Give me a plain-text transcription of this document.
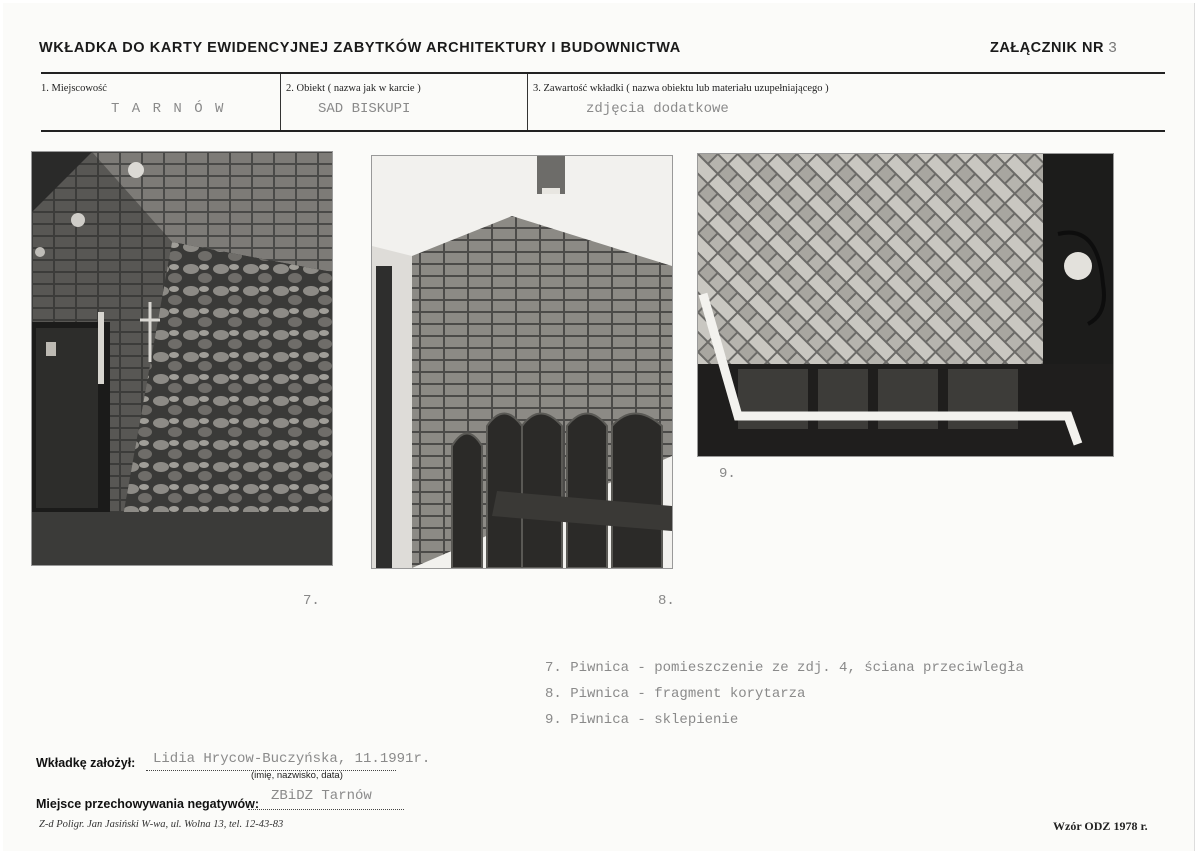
WKŁADKA DO KARTY EWIDENCYJNEJ ZABYTKÓW ARCHITEKTURY I BUDOWNICTWA	ZAŁĄCZNIK NR 3
1. Miejscowość
T A R N Ó W
2. Obiekt ( nazwa jak w karcie )
SAD BISKUPI
3. Zawartość wkładki ( nazwa obiektu lub materiału uzupełniającego )
zdjęcia dodatkowe
7.	8.
9.
7. Piwnica - pomieszczenie ze zdj. 4, ściana przeciwległa
8. Piwnica - fragment korytarza
9. Piwnica - sklepienie
Wkładkę założył: Lidia Hrycow-Buczyńska, 11.1991r.
(imię, nazwisko, data)
Miejsce przechowywania negatywów: ZBiDZ Tarnów
Z-d Poligr. Jan Jasiński W-wa, ul. Wolna 13, tel. 12-43-83	Wzór ODZ 1978 r.
